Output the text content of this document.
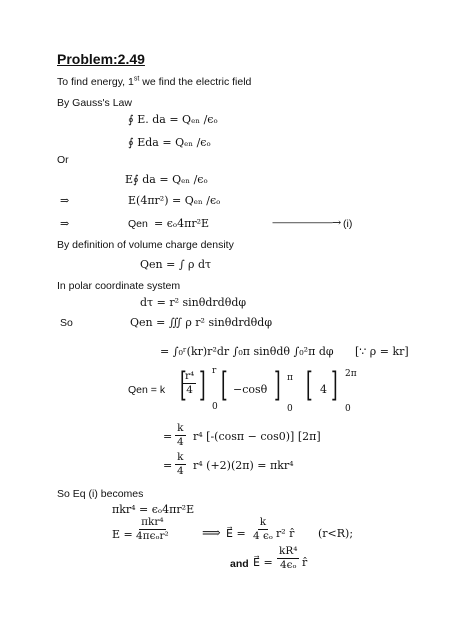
Problem:2.49
To find energy, 1st we find the electric field
By Gauss's Law
∮ E. da = Qₑₙ /ϵₒ
∮ Eda = Qₑₙ /ϵₒ
Or
E∮ da = Qₑₙ /ϵₒ
⇒	E(4πr²) = Qₑₙ /ϵₒ
⇒	Qen = ϵₒ4πr²E	——————→ (i)
By definition of volume charge density
Qen = ∫ ρ dτ
In polar coordinate system
dτ = r² sinθdrdθdφ
So	Qen = ∭ ρ r² sinθdrdθdφ
= ∫₀ʳ(kr)r²dr ∫₀π sinθdθ ∫₀²π dφ [∵ ρ = kr]
Qen = k [
$\frac{\text{r⁴}}{4}$ ] r
0
[ −cosθ ] π
0
[ 4 ] 2π
0
= $\frac{k}{4} r^4$ [-(cosπ − cos0)] [2π]
= $\frac{k}{4} r^4$ (+2)(2π) = πkr⁴
So Eq (i) becomes
πkr⁴ = ϵₒ4πr²E
E =
πkr⁴
4πϵₒr²	⟹ E⃗ = $\frac{k}{\text{4 ϵₒ}} r^2$ r̂ (r<R);
and E⃗ = $\frac{\text{kR⁴}}{\text{4ϵₒ}}$ r̂
